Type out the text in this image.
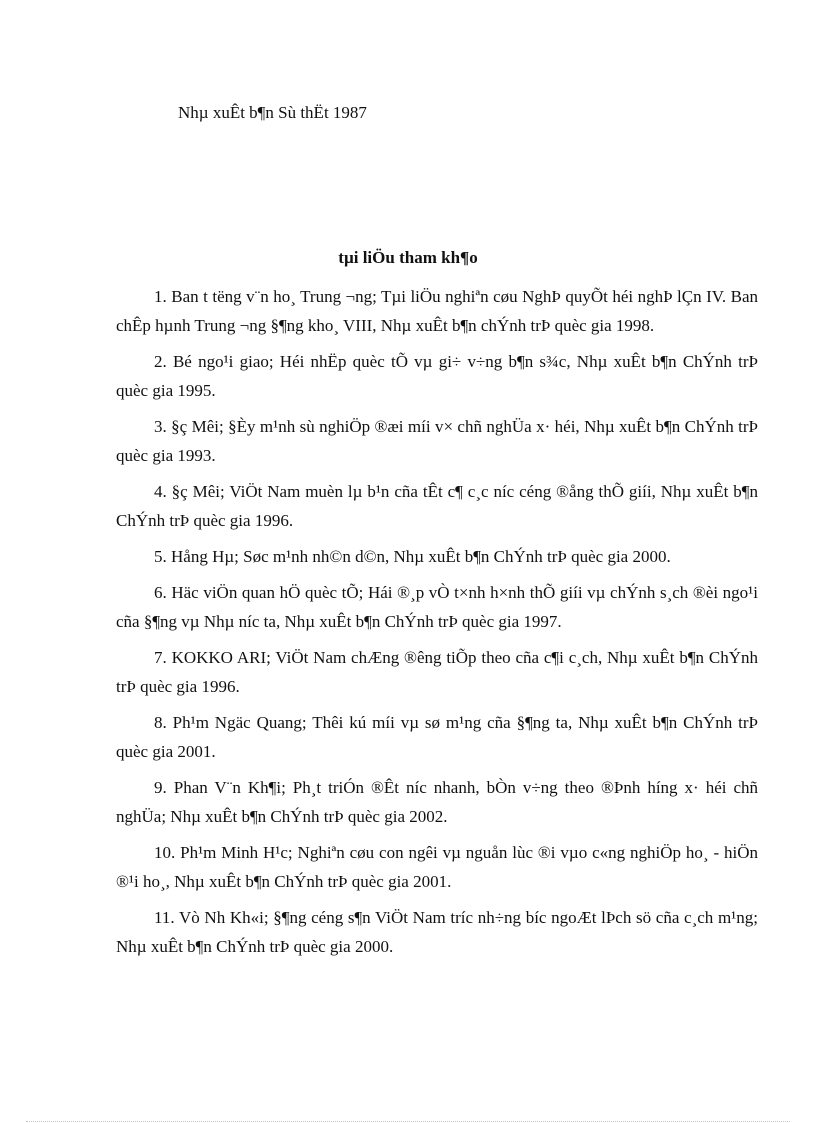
Nhµ xuÊt b¶n Sù thËt 1987
tµi liÖu tham kh¶o

1. Ban t tëng v¨n ho¸ Trung ¬ng; Tµi liÖu nghiªn cøu NghÞ quyÕt héi nghÞ lÇn IV. Ban chÊp hµnh Trung ¬ng §¶ng kho¸ VIII, Nhµ xuÊt b¶n chÝnh trÞ quèc gia 1998.

2. Bé ngo¹i giao; Héi nhËp quèc tÕ vµ gi÷ v÷ng b¶n s¾c, Nhµ xuÊt b¶n ChÝnh trÞ quèc gia 1995.

3. §ç Mêi; §Èy m¹nh sù nghiÖp ®æi míi v× chñ nghÜa x· héi, Nhµ xuÊt b¶n ChÝnh trÞ quèc gia 1993.

4. §ç Mêi; ViÖt Nam muèn lµ b¹n cña tÊt c¶ c¸c níc céng ®ång thÕ giíi, Nhµ xuÊt b¶n ChÝnh trÞ quèc gia 1996.

5. Hång Hµ; Søc m¹nh nh©n d©n, Nhµ xuÊt b¶n ChÝnh trÞ quèc gia 2000.

6. Häc viÖn quan hÖ quèc tÕ; Hái ®¸p vÒ t×nh h×nh thÕ giíi vµ chÝnh s¸ch ®èi ngo¹i cña §¶ng vµ Nhµ níc ta, Nhµ xuÊt b¶n ChÝnh trÞ quèc gia 1997.

7. KOKKO ARI; ViÖt Nam chÆng ®êng tiÕp theo cña c¶i c¸ch, Nhµ xuÊt b¶n ChÝnh trÞ quèc gia 1996.

8. Ph¹m Ngäc Quang; Thêi kú míi vµ sø m¹ng cña §¶ng ta, Nhµ xuÊt b¶n ChÝnh trÞ quèc gia 2001.

9. Phan V¨n Kh¶i; Ph¸t triÓn ®Êt níc nhanh, bÒn v÷ng theo ®Þnh híng x· héi chñ nghÜa; Nhµ xuÊt b¶n ChÝnh trÞ quèc gia 2002.

10. Ph¹m Minh H¹c; Nghiªn cøu con ngêi vµ nguån lùc ®i vµo c«ng nghiÖp ho¸ - hiÖn ®¹i ho¸, Nhµ xuÊt b¶n ChÝnh trÞ quèc gia 2001.

11. Vò Nh Kh«i; §¶ng céng s¶n ViÖt Nam tríc nh÷ng bíc ngoÆt lÞch sö cña c¸ch m¹ng; Nhµ xuÊt b¶n ChÝnh trÞ quèc gia 2000.
